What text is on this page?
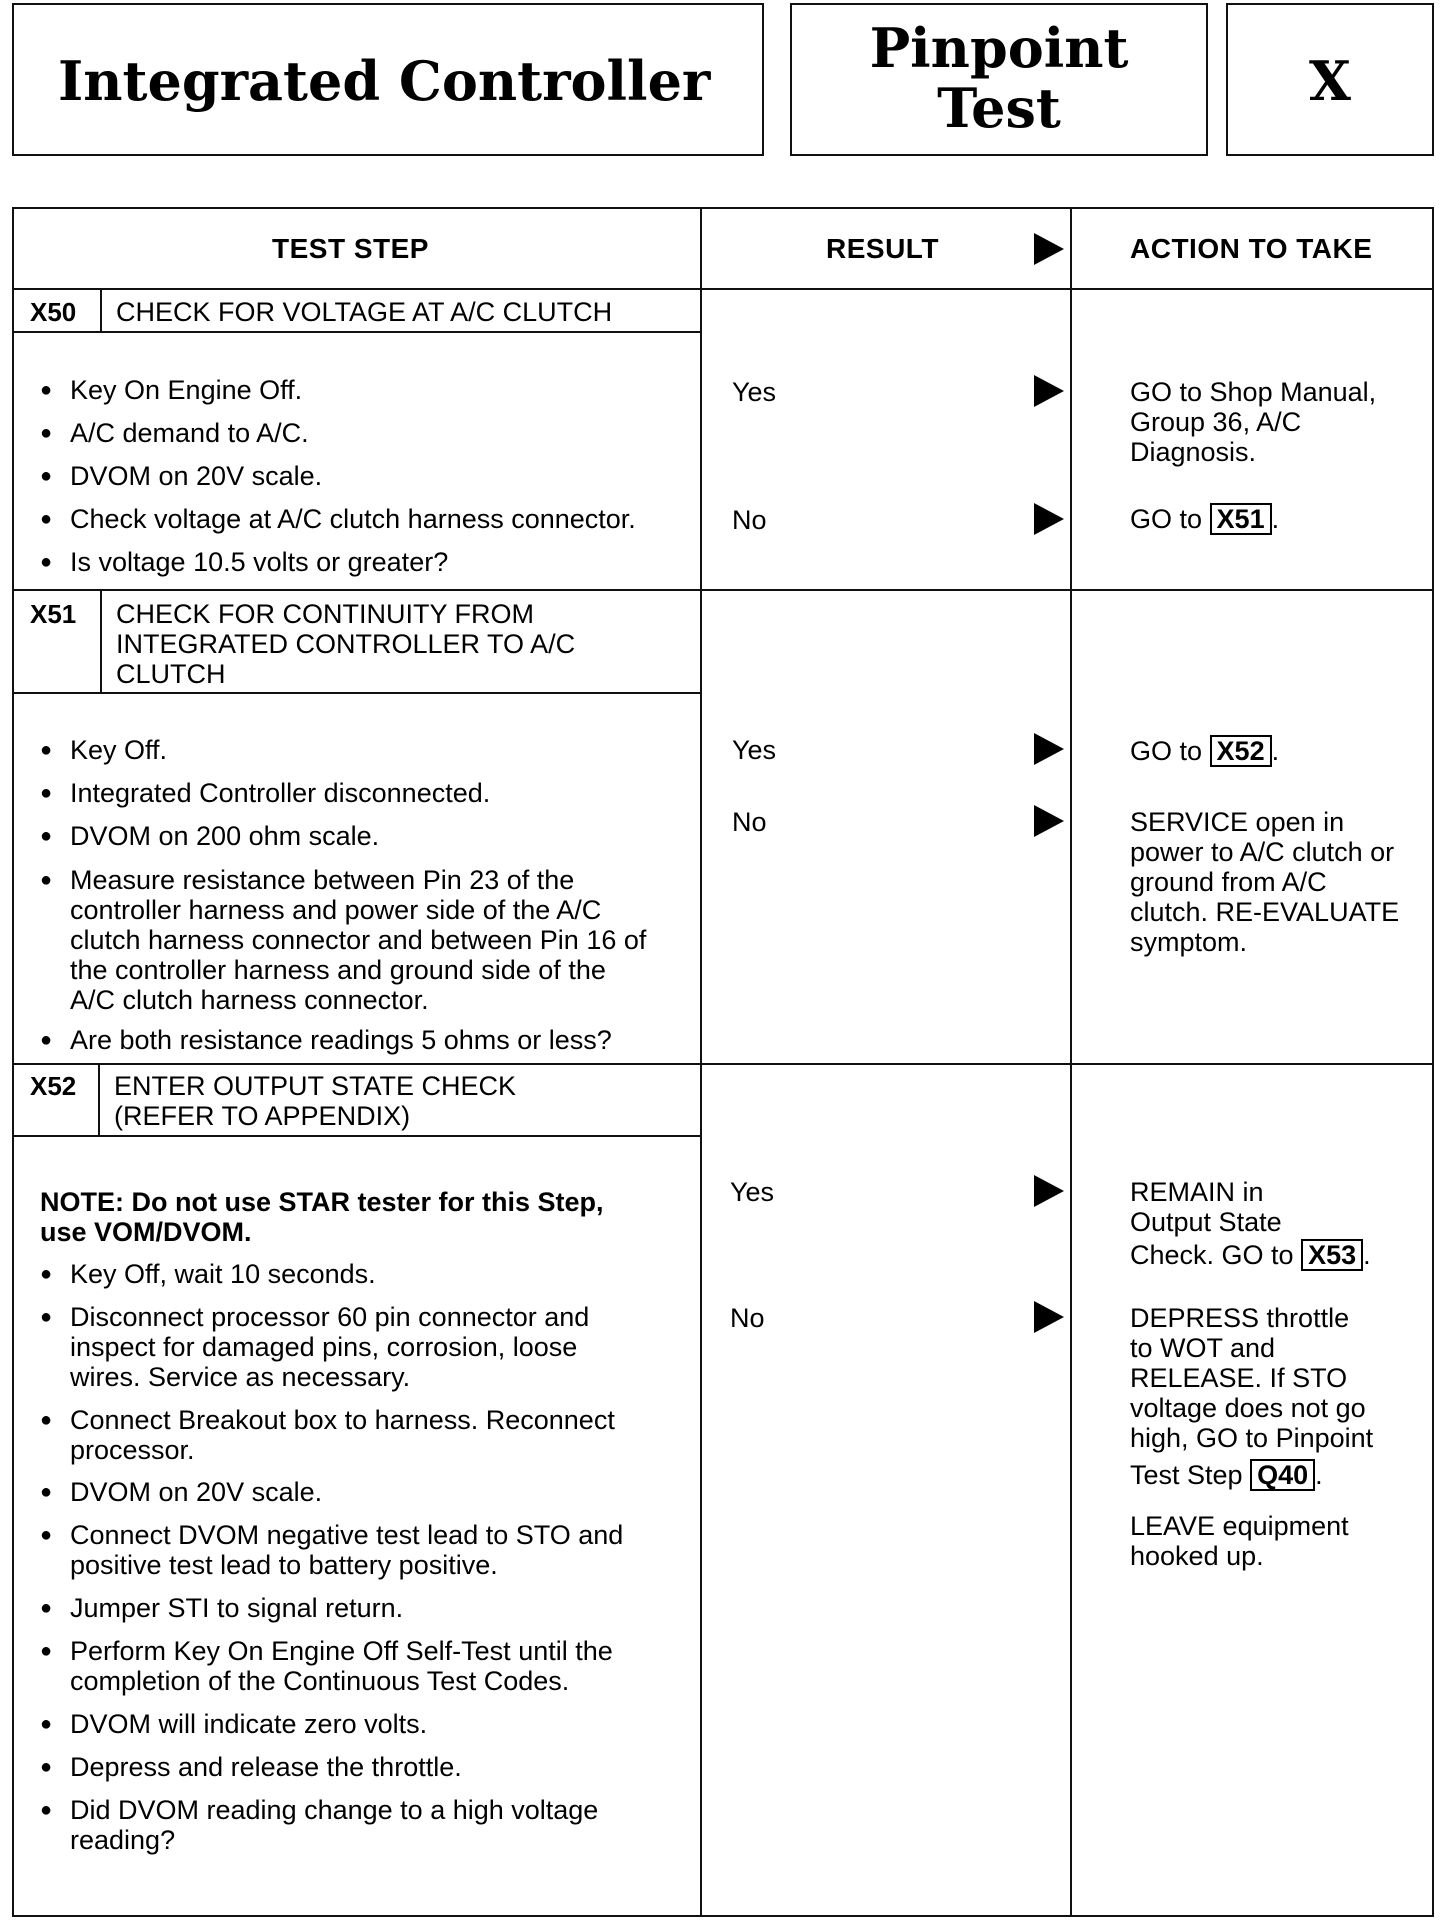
Integrated Controller
Pinpoint
Test	X
TEST STEP	RESULT	ACTION TO TAKE
X50 CHECK FOR VOLTAGE AT A/C CLUTCH
● Key On Engine Off.
● A/C demand to A/C.
● DVOM on 20V scale.
● Check voltage at A/C clutch harness connector.
● Is voltage 10.5 volts or greater?
Yes	GO to Shop Manual,
Group 36, A/C
Diagnosis.
No	GO to X51 .
X51 CHECK FOR CONTINUITY FROM
INTEGRATED CONTROLLER TO A/C
CLUTCH
● Key Off.
● Integrated Controller disconnected.
● DVOM on 200 ohm scale.
● Measure resistance between Pin 23 of the
controller harness and power side of the A/C
clutch harness connector and between Pin 16 of
the controller harness and ground side of the
A/C clutch harness connector.
● Are both resistance readings 5 ohms or less?
Yes	GO to X52 .
No	SERVICE open in
power to A/C clutch or
ground from A/C
clutch. RE-EVALUATE
symptom.
X52 ENTER OUTPUT STATE CHECK
(REFER TO APPENDIX)
NOTE: Do not use STAR tester for this Step,
use VOM/DVOM.
● Key Off, wait 10 seconds.
● Disconnect processor 60 pin connector and
inspect for damaged pins, corrosion, loose
wires. Service as necessary.
● Connect Breakout box to harness. Reconnect
processor.
● DVOM on 20V scale.
● Connect DVOM negative test lead to STO and
positive test lead to battery positive.
● Jumper STI to signal return.
● Perform Key On Engine Off Self-Test until the
completion of the Continuous Test Codes.
● DVOM will indicate zero volts.
● Depress and release the throttle.
● Did DVOM reading change to a high voltage
reading?
Yes	REMAIN in
Output State
Check. GO to X53 .
No	DEPRESS throttle
to WOT and
RELEASE. If STO
voltage does not go
high, GO to Pinpoint
Test Step Q40 .
LEAVE equipment
hooked up.
